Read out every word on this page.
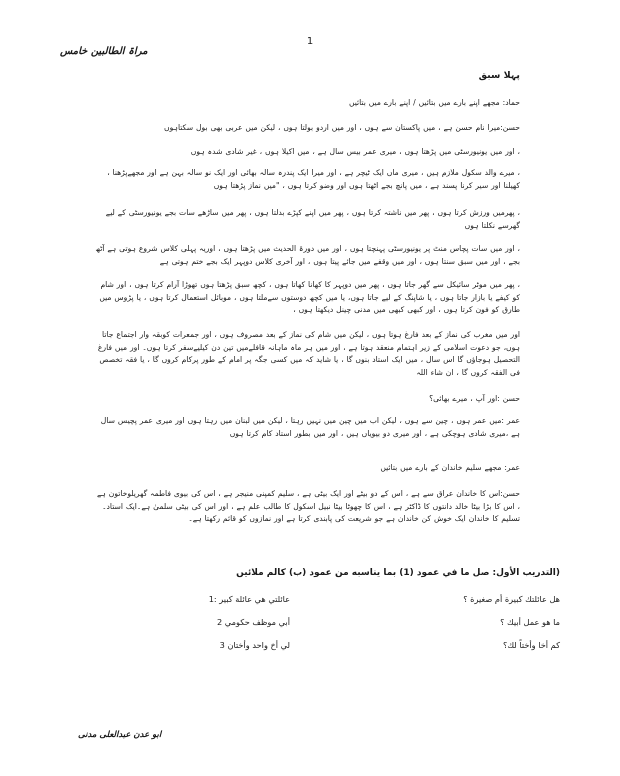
1
مراۃ الطالبین خامس
پہلا سبق
حماد: مجھے اپنے بارے میں بتائیں / اپنے بارے میں بتائیں
حسن:میرا نام حسن ہے ، میں پاکستان سے ہوں ، اور میں اردو بولتا ہوں ، لیکن میں عربی بھی بول سکتاہوں
، اور میں یونیورسٹی میں پڑھتا ہوں ، میری عمر بیس سال ہے ، میں اکیلا ہوں ، غیر شادی شدہ ہوں
، میرے والد سکول ملازم ہیں ، میری ماں ایک ٹیچر ہے ، اور میرا ایک پندرہ سالہ بھائی اور ایک نو سالہ بہن ہے اور مجھےپڑھنا ، کھیلنا اور سیر کرنا پسند ہے ، میں پانچ بجے اٹھتا ہوں اور وضو کرتا ہوں ، "میں نماز پڑھتا ہوں
، پھرمیں ورزش کرتا ہوں ، پھر میں ناشتہ کرتا ہوں ، پھر میں اپنے کپڑے بدلتا ہوں ، پھر میں ساڑھے سات بجے یونیورسٹی کے لیے گھرسے نکلتا ہوں
، اور میں سات پچاس منٹ پر یونیورسٹی پہنچتا ہوں ، اور میں دورۃ الحدیث میں پڑھتا ہوں ، اوریہ پہلی کلاس شروع ہوتی ہے آٹھ بجے ، اور میں سبق سنتا ہوں ، اور میں وقفے میں جائے پیتا ہوں ، اور آخری کلاس دوپہر ایک بجے ختم ہوتی ہے
، پھر میں موٹر سائیکل سے گھر جاتا ہوں ، پھر میں دوپہر کا کھانا کھاتا ہوں ، کچھ سبق پڑھتا ہوں تھوڑا آرام کرتا ہوں ، اور شام کو کیفے یا بازار جاتا ہوں ، یا شاپنگ کے لیے جاتا ہوں، یا میں کچھ دوستوں سےملتا ہوں ، موبائل استعمال کرتا ہوں ، یا پڑوس میں طارق کو فون کرتا ہوں ، اور کبھی کبھی میں مدنی چینل دیکھتا ہوں ،
اور میں مغرب کی نماز کے بعد فارغ ہوتا ہوں ، لیکن میں شام کی نماز کے بعد مصروف ہوں ، اور جمعرات کوبقہ وار اجتماع جاتا ہوں، جو دعوت اسلامی کے زیر اہتمام منعقد ہوتا ہے ، اور میں ہر ماہ ماہانہ قافلےمیں تین دن کیلیےسفر کرتا ہوں۔ اور میں فارغ التحصیل ہوجاؤں گا اس سال ، میں ایک استاد بنوں گا ، یا شاید کہ میں کسی جگہ پر امام کے طور پرکام کروں گا ، یا فقہ تخصص فی الفقہ کروں گا ، ان شاء اللہ
حسن :اور آپ ، میرے بھائی؟
عمر :میں عمر ہوں ، چین سے ہوں ، لیکن اب میں چین میں نہیں رہتا ، لیکن میں لبنان میں رہتا ہوں اور میری عمر پچیس سال ہے ،میری شادی ہوچکی ہے ، اور میری دو بیویاں ہیں ، اور میں بطور استاد کام کرتا ہوں
عمر: مجھے سلیم خاندان کے بارے میں بتائیں
حسن:اس کا خاندان عراق سے ہے ، اس کے دو بیٹے اور ایک بیٹی ہے ، سلیم کمپنی منیجر ہے ، اس کی بیوی فاطمہ گھریلوخاتون ہے ، اس کا بڑا بیٹا خالد دانتوں کا ڈاکٹر ہے ، اس کا چھوٹا بیٹا نبیل اسکول کا طالب علم ہے ، اور اس کی بیٹی سلمیٰ ہے۔ایک استاد۔ تسلیم کا خاندان ایک خوش کن خاندان ہے جو شریعت کی پابندی کرتا ہے اور نمازوں کو قائم رکھتا ہے۔
(التدريب الأول: صل ما في عمود (1) بما يناسبه من عمود (ب) كالم ملائيں
هل عائلتك كبيرة أم صغيرة ؟
ما هو عمل أبيك ؟
كم أخا وأختاً لك؟
عائلتي هي عائلة كبير :1
أبي موظف حكومي 2
لي أخ واحد وأختان 3
ابو عدن عبدالعلی مدنی
